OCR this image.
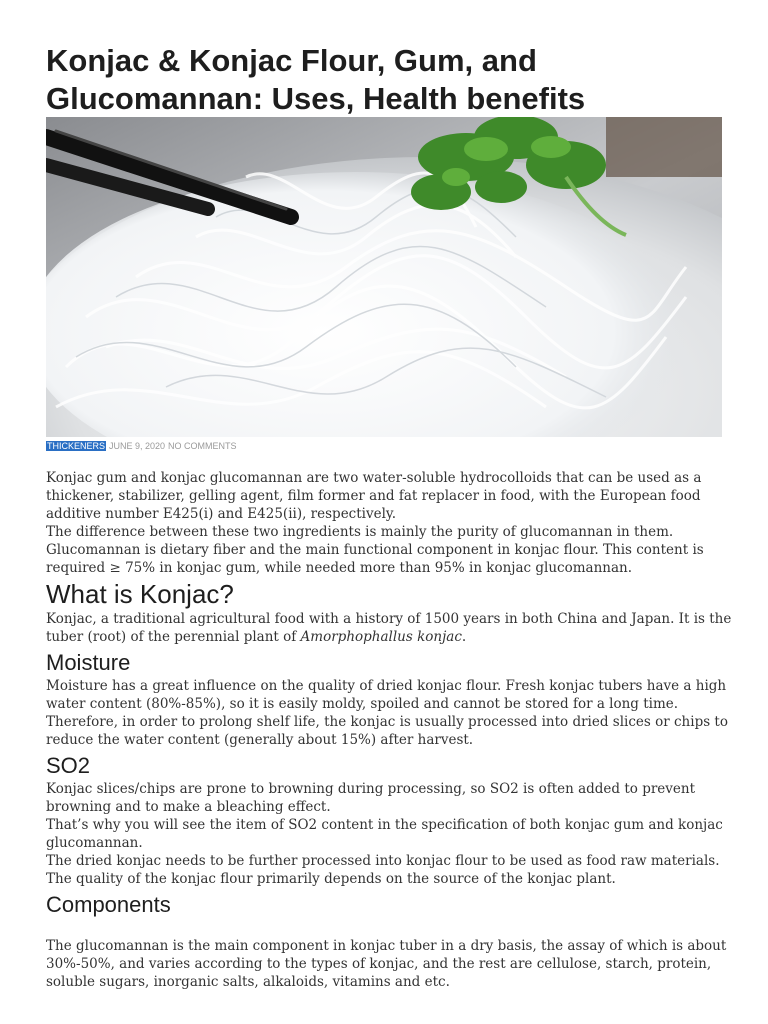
Konjac & Konjac Flour, Gum, and Glucomannan: Uses, Health benefits
THICKENERS JUNE 9, 2020 NO COMMENTS

Konjac gum and konjac glucomannan are two water-soluble hydrocolloids that can be used as a thickener, stabilizer, gelling agent, film former and fat replacer in food, with the European food additive number E425(i) and E425(ii), respectively.

The difference between these two ingredients is mainly the purity of glucomannan in them. Glucomannan is dietary fiber and the main functional component in konjac flour. This content is required ≥ 75% in konjac gum, while needed more than 95% in konjac glucomannan.

What is Konjac?

Konjac, a traditional agricultural food with a history of 1500 years in both China and Japan. It is the tuber (root) of the perennial plant of Amorphophallus konjac.

Moisture

Moisture has a great influence on the quality of dried konjac flour. Fresh konjac tubers have a high water content (80%-85%), so it is easily moldy, spoiled and cannot be stored for a long time. Therefore, in order to prolong shelf life, the konjac is usually processed into dried slices or chips to reduce the water content (generally about 15%) after harvest.

SO2

Konjac slices/chips are prone to browning during processing, so SO2 is often added to prevent browning and to make a bleaching effect.

That’s why you will see the item of SO2 content in the specification of both konjac gum and konjac glucomannan.

The dried konjac needs to be further processed into konjac flour to be used as food raw materials. The quality of the konjac flour primarily depends on the source of the konjac plant.

Components

The glucomannan is the main component in konjac tuber in a dry basis, the assay of which is about 30%-50%, and varies according to the types of konjac, and the rest are cellulose, starch, protein, soluble sugars, inorganic salts, alkaloids, vitamins and etc.
